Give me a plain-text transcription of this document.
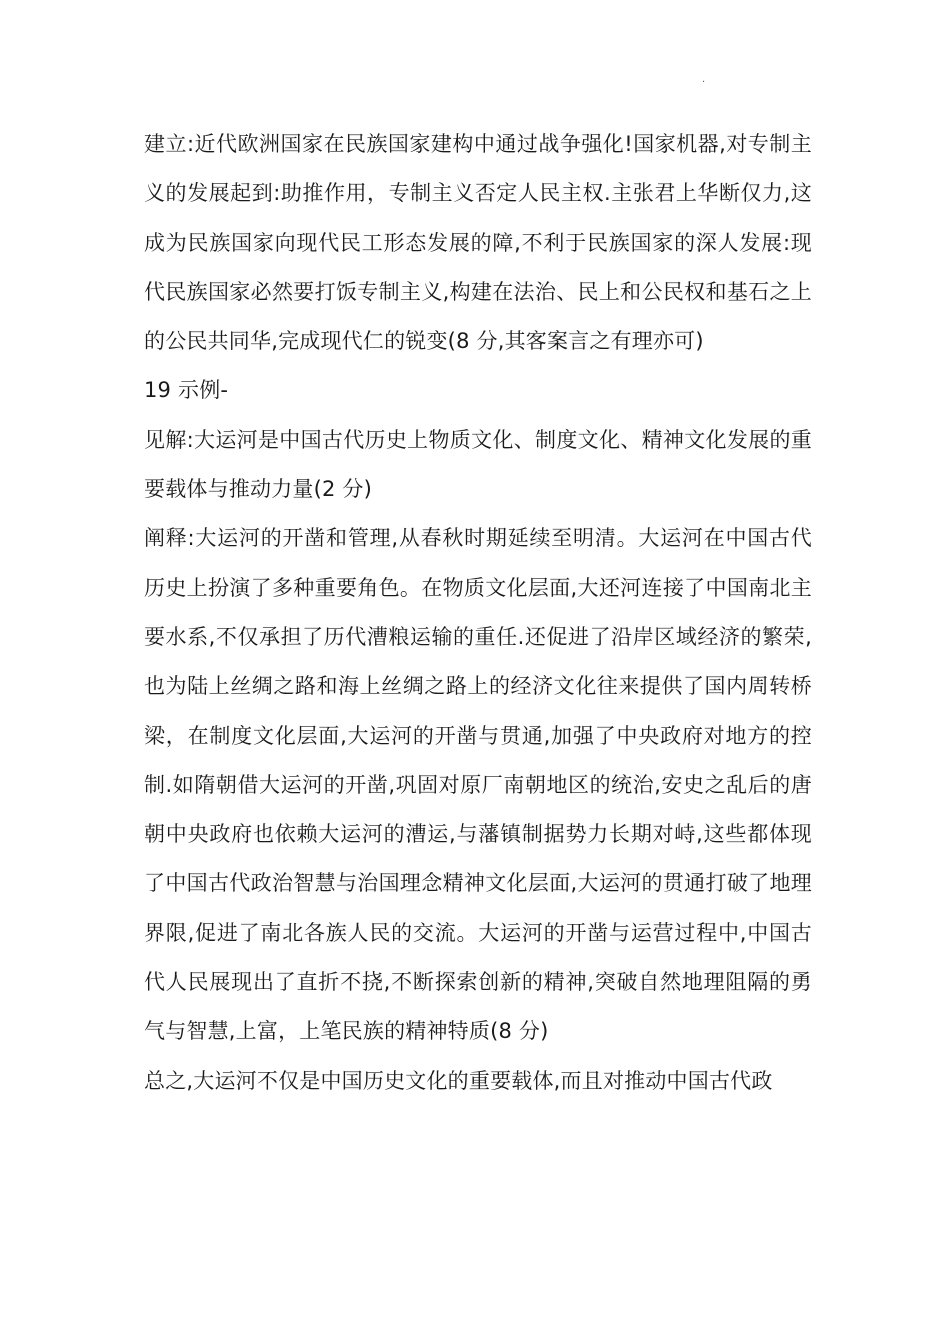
.

建立:近代欧洲国家在民族国家建构中通过战争强化!国家机器,对专制主义的发展起到:助推作用，专制主义否定人民主权.主张君上华断仅力,这成为民族国家向现代民工形态发展的障,不利于民族国家的深人发展:现代民族国家必然要打饭专制主义,构建在法治、民上和公民权和基石之上的公民共同华,完成现代仁的锐变(8 分,其客案言之有理亦可)

19 示例-

见解:大运河是中国古代历史上物质文化、制度文化、精神文化发展的重要载体与推动力量(2 分)

阐释:大运河的开凿和管理,从春秋时期延续至明清。大运河在中国古代历史上扮演了多种重要角色。在物质文化层面,大还河连接了中国南北主要水系,不仅承担了历代漕粮运输的重任.还促进了沿岸区域经济的繁荣,也为陆上丝绸之路和海上丝绸之路上的经济文化往来提供了国内周转桥梁，在制度文化层面,大运河的开凿与贯通,加强了中央政府对地方的控制.如隋朝借大运河的开凿,巩固对原厂南朝地区的统治,安史之乱后的唐朝中央政府也依赖大运河的漕运,与藩镇制据势力长期对峙,这些都体现了中国古代政治智慧与治国理念精神文化层面,大运河的贯通打破了地理界限,促进了南北各族人民的交流。大运河的开凿与运营过程中,中国古代人民展现出了直折不挠,不断探索创新的精神,突破自然地理阻隔的勇气与智慧,上富，上笔民族的精神特质(8 分)

总之,大运河不仅是中国历史文化的重要载体,而且对推动中国古代政
